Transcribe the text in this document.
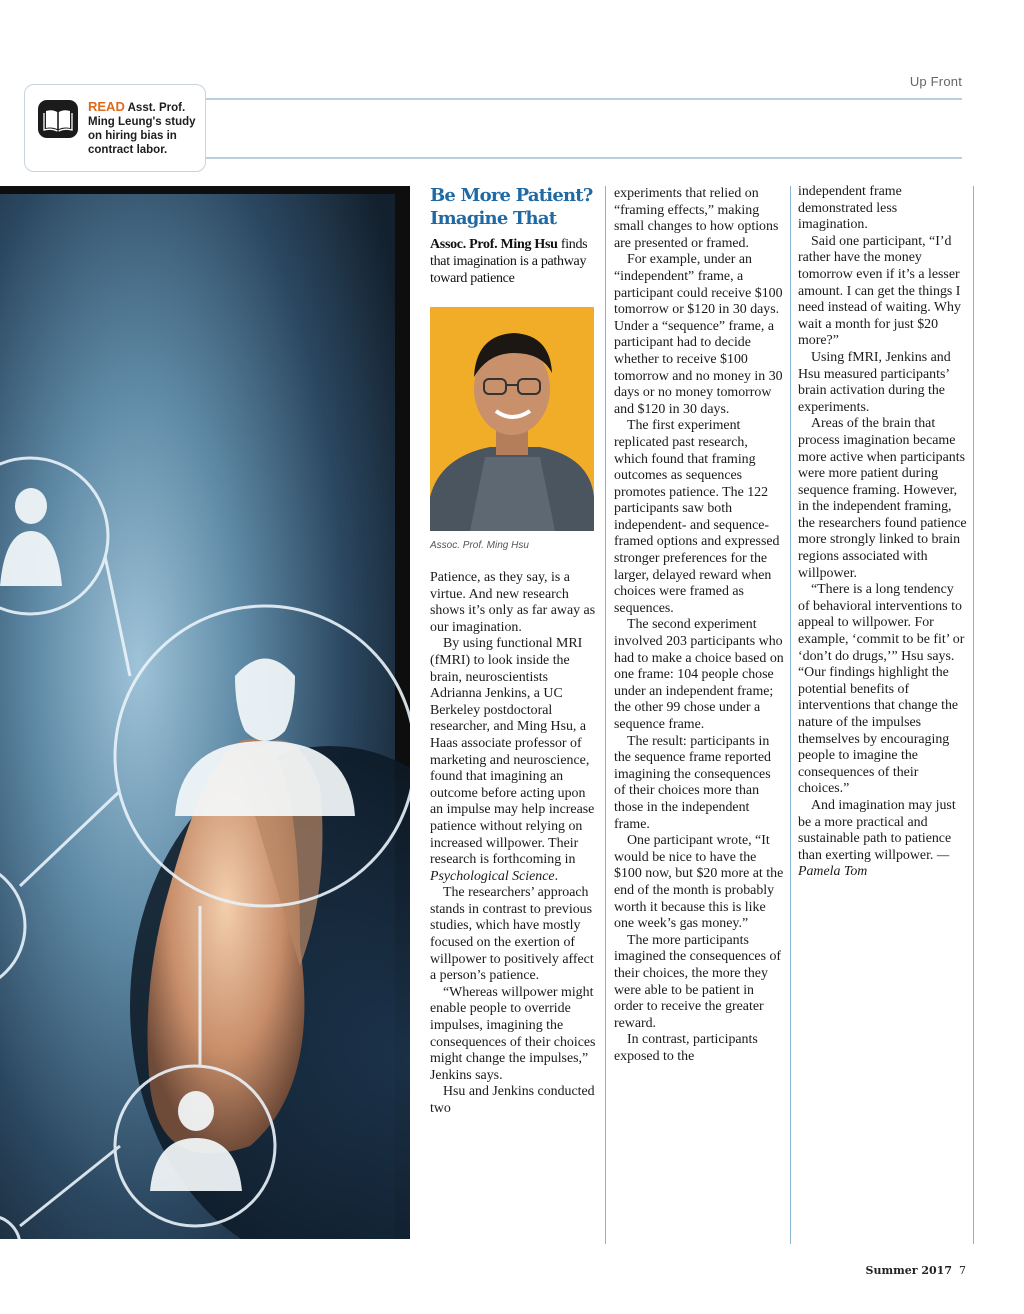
Up Front
READ Asst. Prof. Ming Leung's study on hiring bias in contract labor.
Be More Patient?
Imagine That
Assoc. Prof. Ming Hsu finds that imagination is a pathway toward patience
Assoc. Prof. Ming Hsu

Patience, as they say, is a virtue. And new research shows it’s only as far away as our imagination.

By using functional MRI (fMRI) to look inside the brain, neuroscientists Adrianna Jenkins, a UC Berkeley postdoctoral researcher, and Ming Hsu, a Haas associate professor of marketing and neuroscience, found that imagining an outcome before acting upon an impulse may help increase patience without relying on increased willpower. Their research is forthcoming in Psychological Science.

The researchers’ approach stands in contrast to previous studies, which have mostly focused on the exertion of willpower to positively affect a person’s patience.

“Whereas willpower might enable people to override impulses, imagining the consequences of their choices might change the impulses,” Jenkins says.

Hsu and Jenkins conducted two

experiments that relied on “framing effects,” making small changes to how options are presented or framed.

For example, under an “independent” frame, a participant could receive $100 tomorrow or $120 in 30 days. Under a “sequence” frame, a participant had to decide whether to receive $100 tomorrow and no money in 30 days or no money tomorrow and $120 in 30 days.

The first experiment replicated past research, which found that framing outcomes as sequences promotes patience. The 122 participants saw both independent- and sequence-framed options and expressed stronger preferences for the larger, delayed reward when choices were framed as sequences.

The second experiment involved 203 participants who had to make a choice based on one frame: 104 people chose under an independent frame; the other 99 chose under a sequence frame.

The result: participants in the sequence frame reported imagining the consequences of their choices more than those in the independent frame.

One participant wrote, “It would be nice to have the $100 now, but $20 more at the end of the month is probably worth it because this is like one week’s gas money.”

The more participants imagined the consequences of their choices, the more they were able to be patient in order to receive the greater reward.

In contrast, participants exposed to the

independent frame demonstrated less imagination.

Said one participant, “I’d rather have the money tomorrow even if it’s a lesser amount. I can get the things I need instead of waiting. Why wait a month for just $20 more?”

Using fMRI, Jenkins and Hsu measured participants’ brain activation during the experiments.

Areas of the brain that process imagination became more active when participants were more patient during sequence framing. However, in the independent framing, the researchers found patience more strongly linked to brain regions associated with willpower.

“There is a long tendency of behavioral interventions to appeal to willpower. For example, ‘commit to be fit’ or ‘don’t do drugs,’” Hsu says. “Our findings highlight the potential benefits of interventions that change the nature of the impulses themselves by encouraging people to imagine the consequences of their choices.”

And imagination may just be a more practical and sustainable path to patience than exerting willpower. —Pamela Tom

Summer 2017 7
